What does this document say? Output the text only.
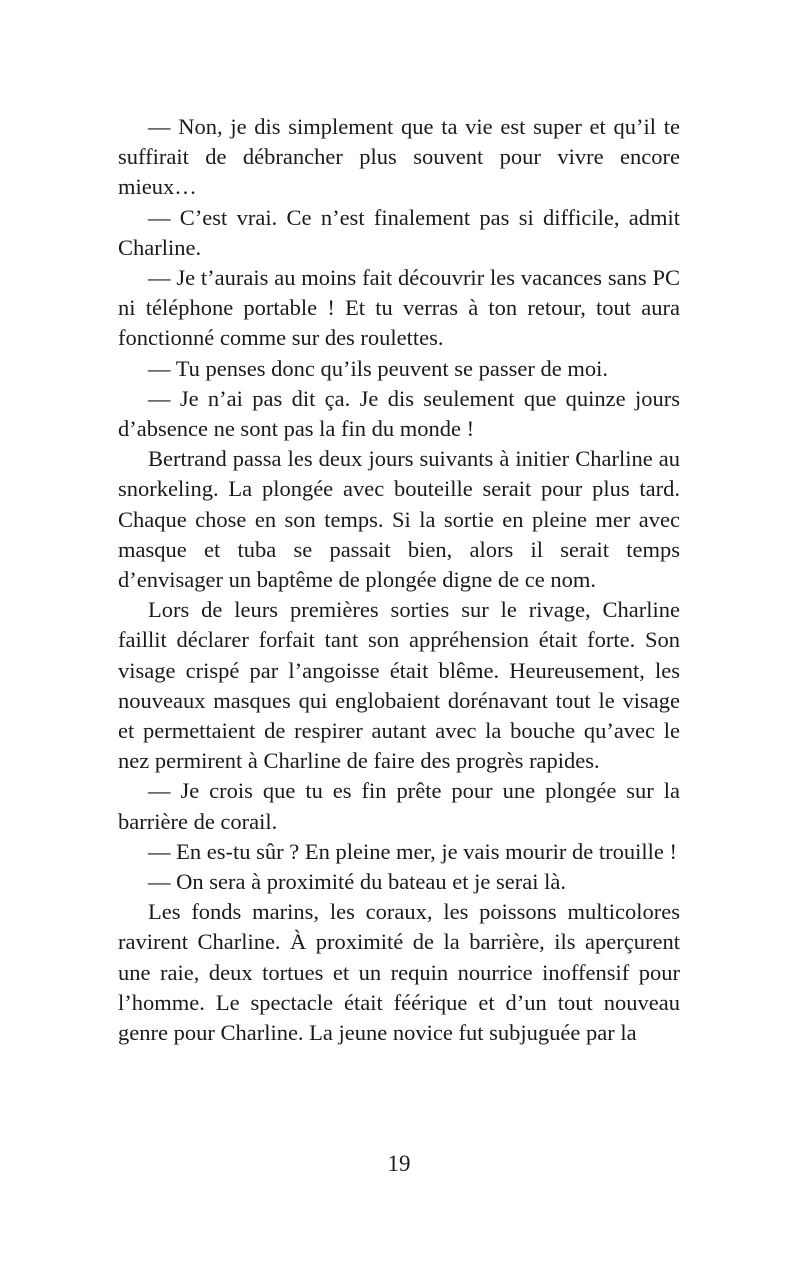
— Non, je dis simplement que ta vie est super et qu’il te suffirait de débrancher plus souvent pour vivre encore mieux…

— C’est vrai. Ce n’est finalement pas si difficile, admit Charline.

— Je t’aurais au moins fait découvrir les vacances sans PC ni téléphone portable ! Et tu verras à ton retour, tout aura fonctionné comme sur des roulettes.

— Tu penses donc qu’ils peuvent se passer de moi.

— Je n’ai pas dit ça. Je dis seulement que quinze jours d’absence ne sont pas la fin du monde !

Bertrand passa les deux jours suivants à initier Charline au snorkeling. La plongée avec bouteille serait pour plus tard. Chaque chose en son temps. Si la sortie en pleine mer avec masque et tuba se passait bien, alors il serait temps d’envisager un baptême de plongée digne de ce nom.

Lors de leurs premières sorties sur le rivage, Charline faillit déclarer forfait tant son appréhension était forte. Son visage crispé par l’angoisse était blême. Heureusement, les nouveaux masques qui englobaient dorénavant tout le visage et permettaient de respirer autant avec la bouche qu’avec le nez permirent à Charline de faire des progrès rapides.

— Je crois que tu es fin prête pour une plongée sur la barrière de corail.

— En es-tu sûr ? En pleine mer, je vais mourir de trouille !

— On sera à proximité du bateau et je serai là.

Les fonds marins, les coraux, les poissons multicolores ravirent Charline. À proximité de la barrière, ils aperçurent une raie, deux tortues et un requin nourrice inoffensif pour l’homme. Le spectacle était féérique et d’un tout nouveau genre pour Charline. La jeune novice fut subjuguée par la

19
